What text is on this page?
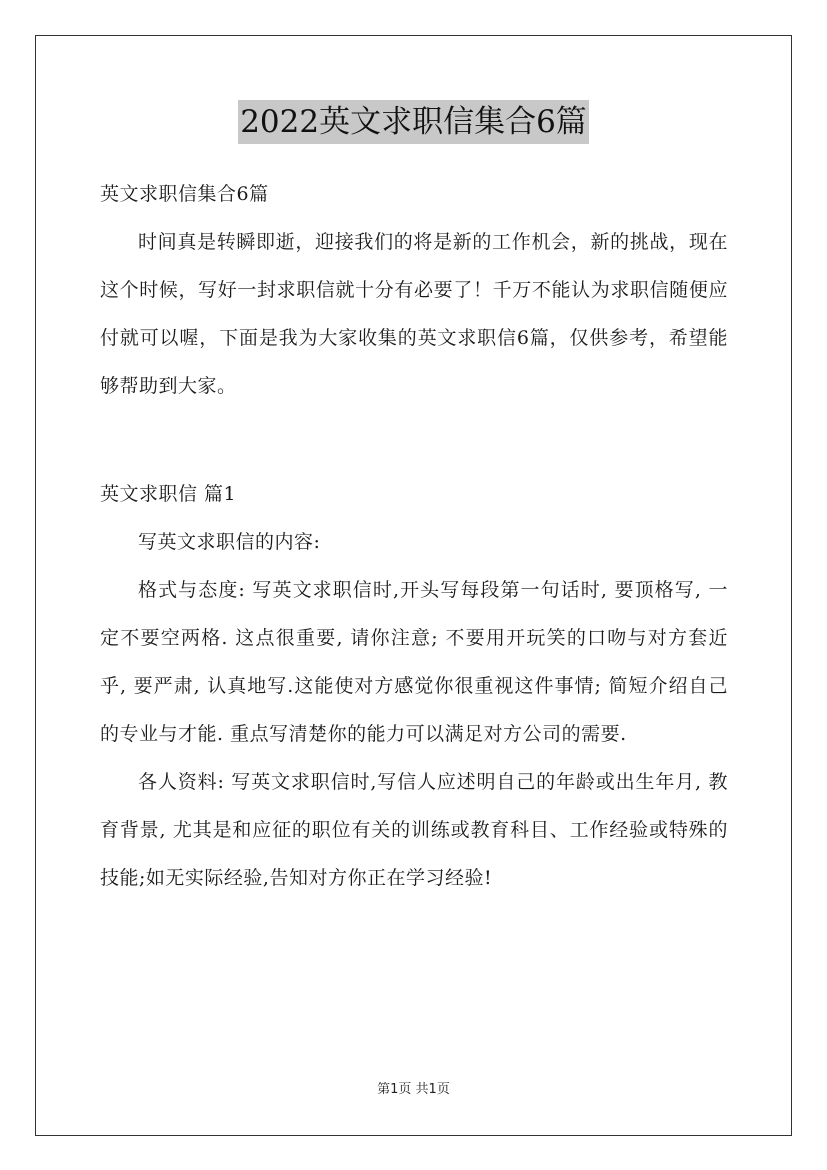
2022英文求职信集合6篇

英文求职信集合6篇

时间真是转瞬即逝，迎接我们的将是新的工作机会，新的挑战，现在这个时候，写好一封求职信就十分有必要了！千万不能认为求职信随便应付就可以喔，下面是我为大家收集的英文求职信6篇，仅供参考，希望能够帮助到大家。

英文求职信 篇1

写英文求职信的内容:

格式与态度: 写英文求职信时,开头写每段第一句话时, 要顶格写, 一定不要空两格. 这点很重要, 请你注意; 不要用开玩笑的口吻与对方套近乎, 要严肃, 认真地写.这能使对方感觉你很重视这件事情; 简短介绍自己的专业与才能. 重点写清楚你的能力可以满足对方公司的需要.

各人资料: 写英文求职信时,写信人应述明自己的年龄或出生年月, 教育背景, 尤其是和应征的职位有关的训练或教育科目、工作经验或特殊的技能;如无实际经验,告知对方你正在学习经验!

第1页 共1页
